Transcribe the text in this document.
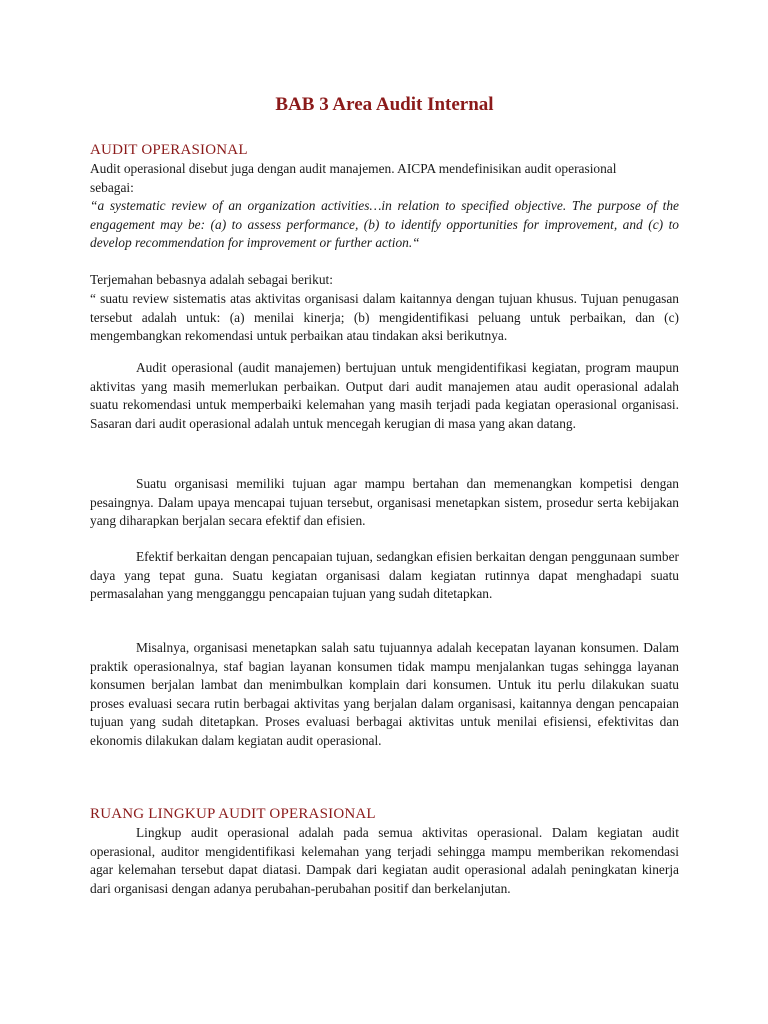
BAB 3 Area Audit Internal
AUDIT OPERASIONAL

Audit operasional disebut juga dengan audit manajemen. AICPA mendefinisikan audit operasional sebagai:

“a systematic review of an organization activities…in relation to specified objective. The purpose of the engagement may be: (a) to assess performance, (b) to identify opportunities for improvement, and (c) to develop recommendation for improvement or further action.“

Terjemahan bebasnya adalah sebagai berikut:

“ suatu review sistematis atas aktivitas organisasi dalam kaitannya dengan tujuan khusus. Tujuan penugasan tersebut adalah untuk: (a) menilai kinerja; (b) mengidentifikasi peluang untuk perbaikan, dan (c) mengembangkan rekomendasi untuk perbaikan atau tindakan aksi berikutnya.

Audit operasional (audit manajemen) bertujuan untuk mengidentifikasi kegiatan, program maupun aktivitas yang masih memerlukan perbaikan. Output dari audit manajemen atau audit operasional adalah suatu rekomendasi untuk memperbaiki kelemahan yang masih terjadi pada kegiatan operasional organisasi. Sasaran dari audit operasional adalah untuk mencegah kerugian di masa yang akan datang.

Suatu organisasi memiliki tujuan agar mampu bertahan dan memenangkan kompetisi dengan pesaingnya. Dalam upaya mencapai tujuan tersebut, organisasi menetapkan sistem, prosedur serta kebijakan yang diharapkan berjalan secara efektif dan efisien.

Efektif berkaitan dengan pencapaian tujuan, sedangkan efisien berkaitan dengan penggunaan sumber daya yang tepat guna. Suatu kegiatan organisasi dalam kegiatan rutinnya dapat menghadapi suatu permasalahan yang mengganggu pencapaian tujuan yang sudah ditetapkan.

Misalnya, organisasi menetapkan salah satu tujuannya adalah kecepatan layanan konsumen. Dalam praktik operasionalnya, staf bagian layanan konsumen tidak mampu menjalankan tugas sehingga layanan konsumen berjalan lambat dan menimbulkan komplain dari konsumen. Untuk itu perlu dilakukan suatu proses evaluasi secara rutin berbagai aktivitas yang berjalan dalam organisasi, kaitannya dengan pencapaian tujuan yang sudah ditetapkan. Proses evaluasi berbagai aktivitas untuk menilai efisiensi, efektivitas dan ekonomis dilakukan dalam kegiatan audit operasional.

RUANG LINGKUP AUDIT OPERASIONAL

Lingkup audit operasional adalah pada semua aktivitas operasional. Dalam kegiatan audit operasional, auditor mengidentifikasi kelemahan yang terjadi sehingga mampu memberikan rekomendasi agar kelemahan tersebut dapat diatasi. Dampak dari kegiatan audit operasional adalah peningkatan kinerja dari organisasi dengan adanya perubahan-perubahan positif dan berkelanjutan.
